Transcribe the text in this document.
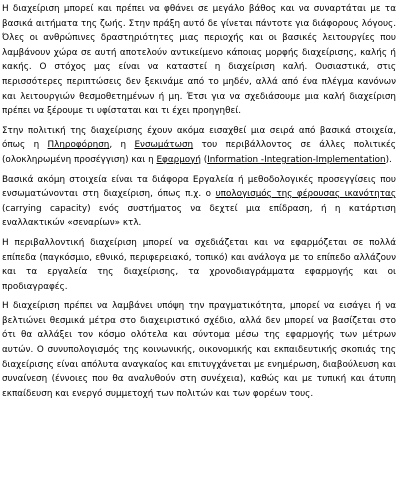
Η διαχείριση μπορεί και πρέπει να φθάνει σε μεγάλο βάθος και να συναρτάται με τα βασικά αιτήματα της ζωής. Στην πράξη αυτό δε γίνεται πάντοτε για διάφορους λόγους. Όλες οι ανθρώπινες δραστηριότητες μιας περιοχής και οι βασικές λειτουργίες που λαμβάνουν χώρα σε αυτή αποτελούν αντικείμενο κάποιας μορφής διαχείρισης, καλής ή κακής. Ο στόχος μας είναι να καταστεί η διαχείριση καλή. Ουσιαστικά, στις περισσότερες περιπτώσεις δεν ξεκινάμε από το μηδέν, αλλά από ένα πλέγμα κανόνων και λειτουργιών θεσμοθετημένων ή μη. Έτσι για να σχεδιάσουμε μια καλή διαχείριση πρέπει να ξέρουμε τι υφίσταται και τι έχει προηγηθεί.

Στην πολιτική της διαχείρισης έχουν ακόμα εισαχθεί μια σειρά από βασικά στοιχεία, όπως η Πληροφόρηση, η Ενσωμάτωση του περιβάλλοντος σε άλλες πολιτικές (ολοκληρωμένη προσέγγιση) και η Εφαρμογή (Information -Integration-Implementation).

Βασικά ακόμη στοιχεία είναι τα διάφορα Εργαλεία ή μεθοδολογικές προσεγγίσεις που ενσωματώνονται στη διαχείριση, όπως π.χ. ο υπολογισμός της φέρουσας ικανότητας (carrying capacity) ενός συστήματος να δεχτεί μια επίδραση, ή η κατάρτιση εναλλακτικών «σεναρίων» κτλ.

Η περιβαλλοντική διαχείριση μπορεί να σχεδιάζεται και να εφαρμόζεται σε πολλά επίπεδα (παγκόσμιο, εθνικό, περιφερειακό, τοπικό) και ανάλογα με το επίπεδο αλλάζουν και τα εργαλεία της διαχείρισης, τα χρονοδιαγράμματα εφαρμογής και οι προδιαγραφές.

Η διαχείριση πρέπει να λαμβάνει υπόψη την πραγματικότητα, μπορεί να εισάγει ή να βελτιώνει θεσμικά μέτρα στο διαχειριστικό σχέδιο, αλλά δεν μπορεί να βασίζεται στο ότι θα αλλάξει τον κόσμο ολότελα και σύντομα μέσω της εφαρμογής των μέτρων αυτών. Ο συνυπολογισμός της κοινωνικής, οικονομικής και εκπαιδευτικής σκοπιάς της διαχείρισης είναι απόλυτα αναγκαίος και επιτυγχάνεται με ενημέρωση, διαβούλευση και συναίνεση (έννοιες που θα αναλυθούν στη συνέχεια), καθώς και με τυπική και άτυπη εκπαίδευση και ενεργό συμμετοχή των πολιτών και των φορέων τους.
